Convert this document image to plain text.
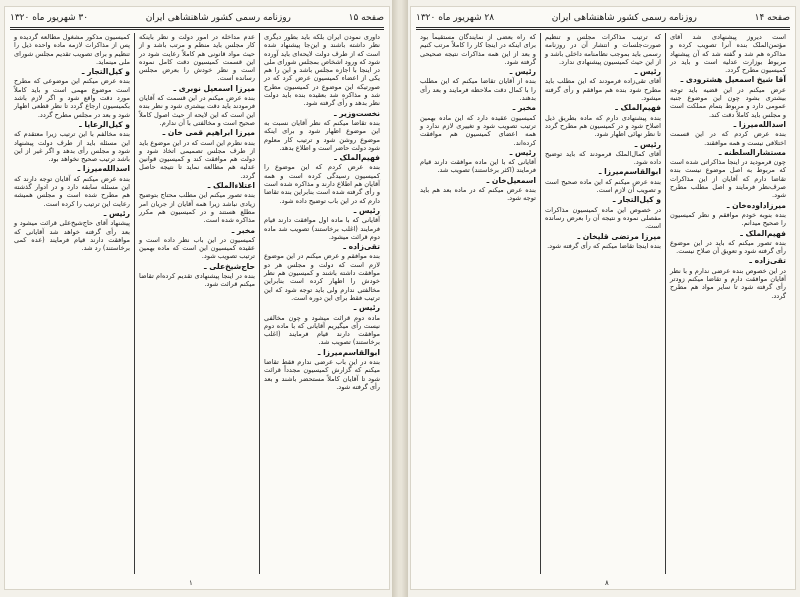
صفحه ۱۵
روزنامه رسمی کشور شاهنشاهی ایران
۳۰ شهریور ماه ۱۳۲۰
داوری‌ نمودن ایران بلکه باید بطور دیگری نظر داشته باشند و این‌جا پیشنهاد شده است که از طرف دولت لایحه‌ای باید آورده شود که ورود اشخاص بمجلس شورای ملی در اینجا با اجازه‌ مجلس باشد و این را هم یکی از اعضاء کمیسیون عرض کرد که در صورتیکه این موضوع در کمیسیون مطرح شد و مذاکره شد بعقیده بنده باید دولت نظر بدهد و رأی‌ گرفته شود.
نخست‌وزیر ـ
بنده تقاضا میکنم که نظر آقایان نسبت به این موضوع اظهار شود و برای اینکه موضوع روشن شود و ترتیب کار معلوم شود دولت حاضر است و اطلاع بدهد.
فهیم‌الملک ـ
بنده عرض کردم که این موضوع را کمیسیون رسیدگی کرده است و همه آقایان هم اطلاع دارند و مذاکره شده است و رأی گرفته شده است بنابراین بنده تقاضا دارم که در این باب توضیح داده شود.
رئیس ـ
آقایانی که با ماده اول موافقت دارند قیام فرمایند (اغلب برخاستند) تصویب شد ماده دوم قرائت میشود.
تقی‌زاده ـ
بنده موافقم و عرض میکنم در این موضوع لازم است که دولت و مجلس هر دو موافقت داشته باشند و کمیسیون هم نظر خودش را اظهار کرده است بنابراین مخالفتی ندارم ولی باید توجه شود که این ترتیب فقط برای این دوره است.
رئیس ـ
ماده دوم قرائت میشود و چون مخالفی نیست رأی میگیریم آقایانی که با ماده دوم موافقت دارند قیام فرمایند (اغلب برخاستند) تصویب شد.
ابوالقاسم‌میرزا ـ
بنده در این باب عرضی ندارم فقط تقاضا میکنم که گزارش کمیسیون مجدداً قرائت شود تا آقایان کاملاً مستحضر باشند و بعد رأی گرفته شود.
عدم مداخله در امور دولت و نظر باینکه کار مجلس باید منظم و مرتب باشد و از حیث مواد قانونی هم کاملاً رعایت شود در این قسمت کمیسیون دقت کامل نموده است و نظر خودش را بعرض مجلس رسانده است.
میرزا اسمعیل نوبری ـ
بنده عرض میکنم در این قسمت که آقایان فرمودند باید دقت بیشتری شود و نظر بنده این است که این لایحه از حیث اصول کاملاً صحیح است و مخالفتی با آن ندارم.
میرزا ابراهیم قمی‌ خان ـ
بنده نظرم این است که در این موضوع باید از طرف مجلس تصمیمی اتخاذ شود و دولت هم موافقت کند و کمیسیون قوانین عدلیه هم مطالعه نماید تا نتیجه حاصل گردد.
اعتلاءالملک ـ
بنده تصور میکنم این مطلب محتاج بتوضیح زیادی نباشد زیرا همه آقایان از جریان امر مطلع هستند و در کمیسیون هم مکرر مذاکره شده است.
مخبر ـ
کمیسیون در این باب نظر داده است و عقیده کمیسیون این است که ماده بهمین ترتیب تصویب شود.
حاج‌شیخ‌علی ـ
بنده در اینجا پیشنهادی تقدیم کرده‌ام تقاضا میکنم قرائت شود.
کمیسیون مذکور مشغول مطالعه گردیده و پس از مذاکرات لازمه ماده واحده ذیل را تنظیم و برای تصویب تقدیم مجلس شورای ملی مینماید.
و کیل‌التجار ـ
بنده عرض میکنم این موضوعی که مطرح است موضوع مهمی است و باید کاملاً مورد دقت واقع شود و اگر لازم باشد بکمیسیون ارجاع گردد تا نظر قطعی اظهار شود و بعد در مجلس مطرح گردد.
و کیل‌الرعایا ـ
بنده مخالفم با این ترتیب زیرا معتقدم که این مسئله باید از طرف دولت پیشنهاد شود و مجلس رأی بدهد و اگر غیر از این باشد ترتیب صحیح نخواهد بود.
اسدالله‌میرزا ـ
بنده عرض میکنم که آقایان توجه دارند که این مسئله سابقه دارد و در ادوار گذشته هم مطرح شده است و مجلس همیشه رعایت این ترتیب را کرده است.
رئیس ـ
پیشنهاد آقای حاج‌شیخ‌علی قرائت میشود و بعد رأی گرفته خواهد شد آقایانی که موافقت دارند قیام فرمایند (عده کمی برخاستند) رد شد.
۱
صفحه ۱۴
روزنامه رسمی کشور شاهنشاهی ایران
۲۸ شهریور ماه ۱۳۲۰
است دیروز پیشنهادی شد آقای مؤتمن‌الملک بنده آنرا تصویب کرده و مذاکره هم شد و گفته شد که آن پیشنهاد مربوط بوزارت عدلیه است و باید در کمیسیون مطرح گردد.
آقا شیخ اسمعیل هشترودی ـ
عرض میکنم در این قضیه باید توجه بیشتری بشود چون این موضوع جنبه عمومی دارد و مربوط بتمام مملکت است و مجلس باید کاملاً دقت کند.
اسدالله‌میرزا ـ
بنده عرض کردم که در این قسمت اختلافی نیست و همه موافقند.
مستشارالسلطنه ـ
چون فرمودید در اینجا مذاکراتی شده است که مربوط به اصل موضوع نیست بنده تقاضا دارم که آقایان از این مذاکرات صرف‌نظر فرمایند و اصل مطلب مطرح شود.
میرزاداوده‌خان ـ
بنده بنوبه خودم موافقم و نظر کمیسیون را صحیح میدانم.
فهیم‌الملک ـ
بنده تصور میکنم که باید در این موضوع رأی گرفته شود و تعویق آن صلاح نیست.
تقی‌زاده ـ
در این خصوص بنده عرضی ندارم و با نظر آقایان موافقت دارم و تقاضا میکنم زودتر رأی گرفته شود تا سایر مواد هم مطرح گردد.
که ترتیب مذاکرات مجلس و تنظیم صورت‌جلسات و انتشار آن در روزنامه رسمی باید بموجب نظامنامه داخلی باشد و از این حیث کمیسیون پیشنهادی ندارد.
رئیس ـ
آقای تقی‌زاده فرمودند که این مطلب باید مطرح شود بنده هم موافقم و رأی گرفته میشود.
فهیم‌الملک ـ
بنده پیشنهادی دارم که ماده بطریق ذیل اصلاح شود و در کمیسیون هم مطرح گردد تا نظر نهائی اظهار شود.
رئیس ـ
آقای کمال‌الملک فرمودند که باید توضیح داده شود.
ابوالقاسم‌میرزا ـ
بنده عرض میکنم که این ماده صحیح است و تصویب آن لازم است.
و کیل‌التجار ـ
در خصوص این ماده کمیسیون مذاکرات مفصلی نموده و نتیجه آن را بعرض رسانده است.
میرزا مرتضی‌ قلیخان ـ
بنده اینجا تقاضا میکنم که رأی گرفته شود.
که راه بعضی از نمایندگان مستقیماً بود برای اینکه در اینجا کار را کاملاً مرتب کنیم و بعد از این همه مذاکرات نتیجه صحیحی گرفته شود.
رئیس ـ
بنده از آقایان تقاضا میکنم که این مطلب را با کمال دقت ملاحظه فرمایند و بعد رأی بدهند.
مخبر ـ
کمیسیون عقیده دارد که این ماده بهمین ترتیب تصویب شود و تغییری لازم ندارد و همه اعضای کمیسیون هم موافقت کرده‌اند.
رئیس ـ
آقایانی که با این ماده موافقت دارند قیام فرمایند (اکثر برخاستند) تصویب شد.
اسمعیل‌خان ـ
بنده عرض میکنم که در ماده بعد هم باید توجه شود.
۸
